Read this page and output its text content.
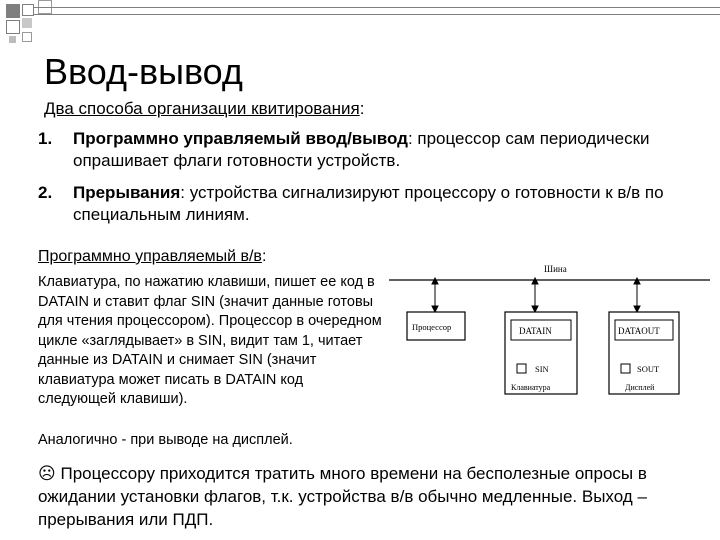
Ввод-вывод
Два способа организации квитирования:
1. Программно управляемый ввод/вывод: процессор сам периодически опрашивает флаги готовности устройств.
2. Прерывания: устройства сигнализируют процессору о готовности к в/в по специальным линиям.
Программно управляемый в/в:
Клавиатура, по нажатию клавиши, пишет ее код в DATAIN и ставит флаг SIN (значит данные готовы для чтения процессором). Процессор в очередном цикле «заглядывает» в SIN, видит там 1, читает данные из DATAIN и снимает SIN (значит клавиатура может писать в DATAIN код следующей клавиши).
Аналогично - при выводе на дисплей.
Шина
Процессор	DATAIN
SIN
Клавиатура
DATAOUT
SOUT
Дисплей
☹ Процессору приходится тратить много времени на бесполезные опросы в ожидании установки флагов, т.к. устройства в/в обычно медленные. Выход – прерывания или ПДП.
